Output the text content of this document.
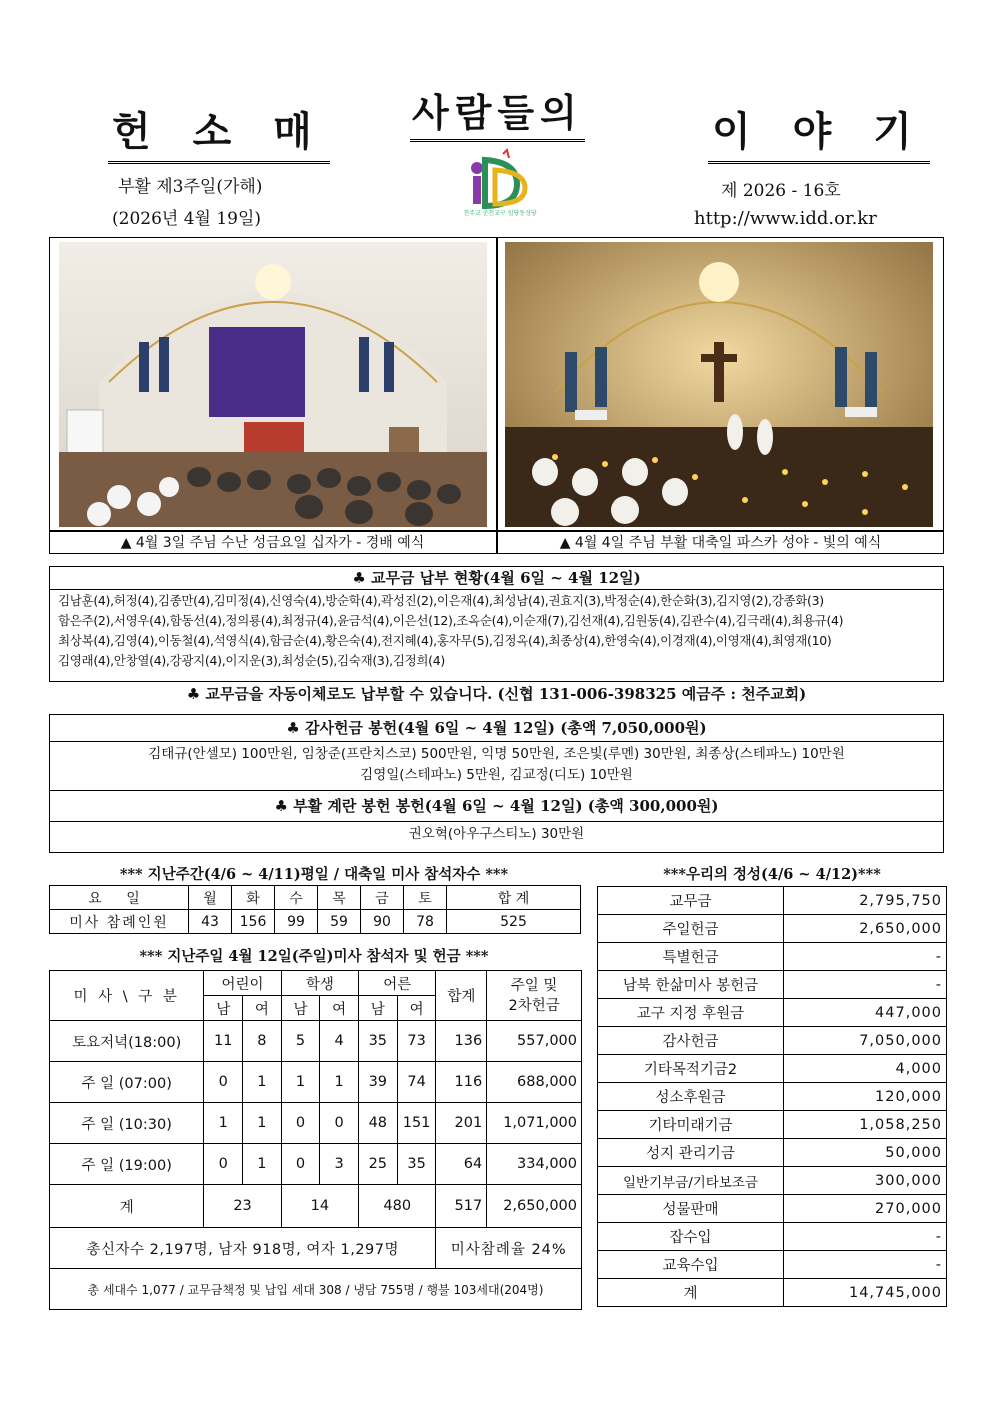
헌 소 매 사람들의	이 야 기
부활 제3주일(가해)
(2026년 4월 19일)
제 2026 - 16호
http://www.idd.or.kr
천주교 춘천교구 임당동성당
▲ 4월 3일 주님 수난 성금요일 십자가 - 경배 예식	▲ 4월 4일 주님 부활 대축일 파스카 성야 - 빛의 예식
♣ 교무금 납부 현황(4월 6일 ~ 4월 12일)
김남훈(4),허정(4),김종만(4),김미정(4),신영숙(4),방순학(4),곽성진(2),이은재(4),최성남(4),권효지(3),박정순(4),한순화(3),김지영(2),강종화(3)
함은주(2),서영우(4),함동선(4),정의룡(4),최정규(4),윤금석(4),이은선(12),조옥순(4),이순재(7),김선재(4),김원동(4),김관수(4),김극래(4),최용규(4)
최상복(4),김영(4),이동철(4),석영식(4),함금순(4),황은숙(4),전지혜(4),홍자무(5),김정옥(4),최종상(4),한영숙(4),이경재(4),이영재(4),최영재(10)
김영래(4),안창열(4),강광지(4),이지운(3),최성순(5),김숙재(3),김정희(4)
♣ 교무금을 자동이체로도 납부할 수 있습니다. (신협 131-006-398325 예금주 : 천주교회)
♣ 감사헌금 봉헌(4월 6일 ~ 4월 12일) (총액 7,050,000원)
김태규(안셀모) 100만원, 임창준(프란치스코) 500만원, 익명 50만원, 조은빛(루멘) 30만원, 최종상(스테파노) 10만원
김영일(스테파노) 5만원, 김교정(디도) 10만원
♣ 부활 계란 봉헌 봉헌(4월 6일 ~ 4월 12일) (총액 300,000원)
권오혁(아우구스티노) 30만원
*** 지난주간(4/6 ~ 4/11)평일 / 대축일 미사 참석자수 ***
요 일	월	화	수	목	금	토	합 계
미사 참례인원	43	156	99	59	90	78	525
*** 지난주일 4월 12일(주일)미사 참석자 및 헌금 ***
미 사 \ 구 분	어린이		학생		어른		합계	주일 및
2차헌금
	남	여	남	여	남	여		
토요저녁(18:00)	11	8	5	4	35	73	136	557,000
주 일 (07:00)	0	1	1	1	39	74	116	688,000
주 일 (10:30)	1	1	0	0	48	151	201	1,071,000
주 일 (19:00)	0	1	0	3	25	35	64	334,000
계	23		14		480		517	2,650,000
총신자수 2,197명, 남자 918명, 여자 1,297명							미사참례율 24%	
총 세대수 1,077 / 교무금책정 및 납입 세대 308 / 냉담 755명 / 행불 103세대(204명)								
***우리의 정성(4/6 ~ 4/12)***
교무금	2,795,750
주일헌금	2,650,000
특별헌금	-
남북 한삶미사 봉헌금	-
교구 지정 후원금	447,000
감사헌금	7,050,000
기타목적기금2	4,000
성소후원금	120,000
기타미래기금	1,058,250
성지 관리기금	50,000
일반기부금/기타보조금	300,000
성물판매	270,000
잡수입	-
교육수입	-
계	14,745,000
